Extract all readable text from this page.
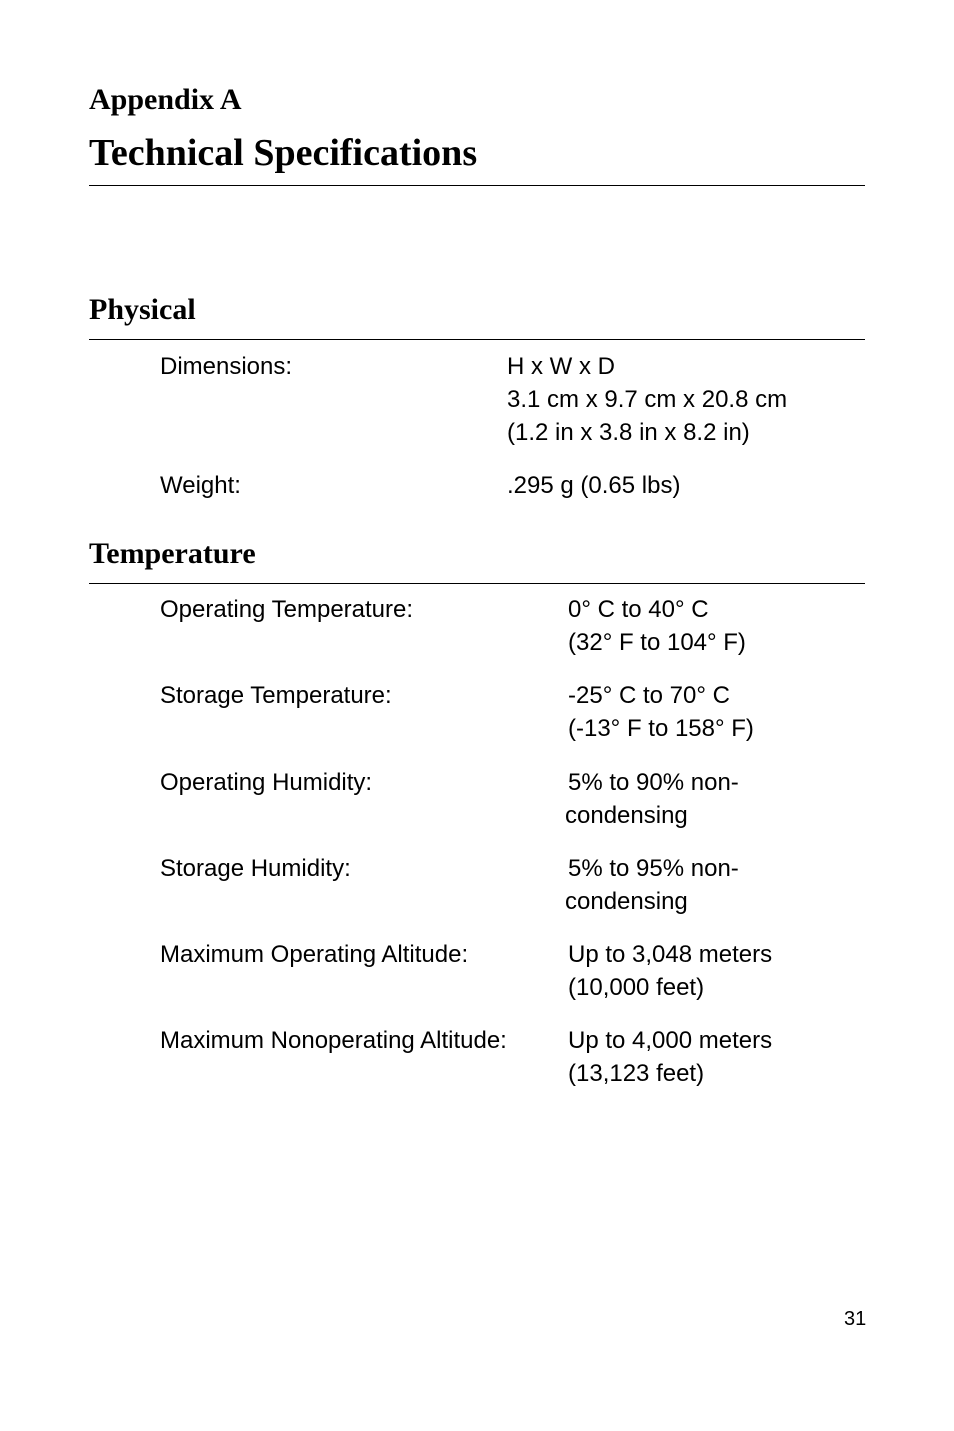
Appendix A
Technical Specifications
Physical

Dimensions:	H x W x D

3.1 cm x 9.7 cm x 20.8 cm

(1.2 in x 3.8 in x 8.2 in)

Weight:	.295 g (0.65 lbs)

Temperature

Operating Temperature:	0° C to 40° C

(32° F to 104° F)

Storage Temperature:	-25° C to 70° C

(-13° F to 158° F)

Operating Humidity:	5% to 90% non-

condensing

Storage Humidity:	5% to 95% non-

condensing

Maximum Operating Altitude:	Up to 3,048 meters

(10,000 feet)

Maximum Nonoperating Altitude:	Up to 4,000 meters

(13,123 feet)

31
